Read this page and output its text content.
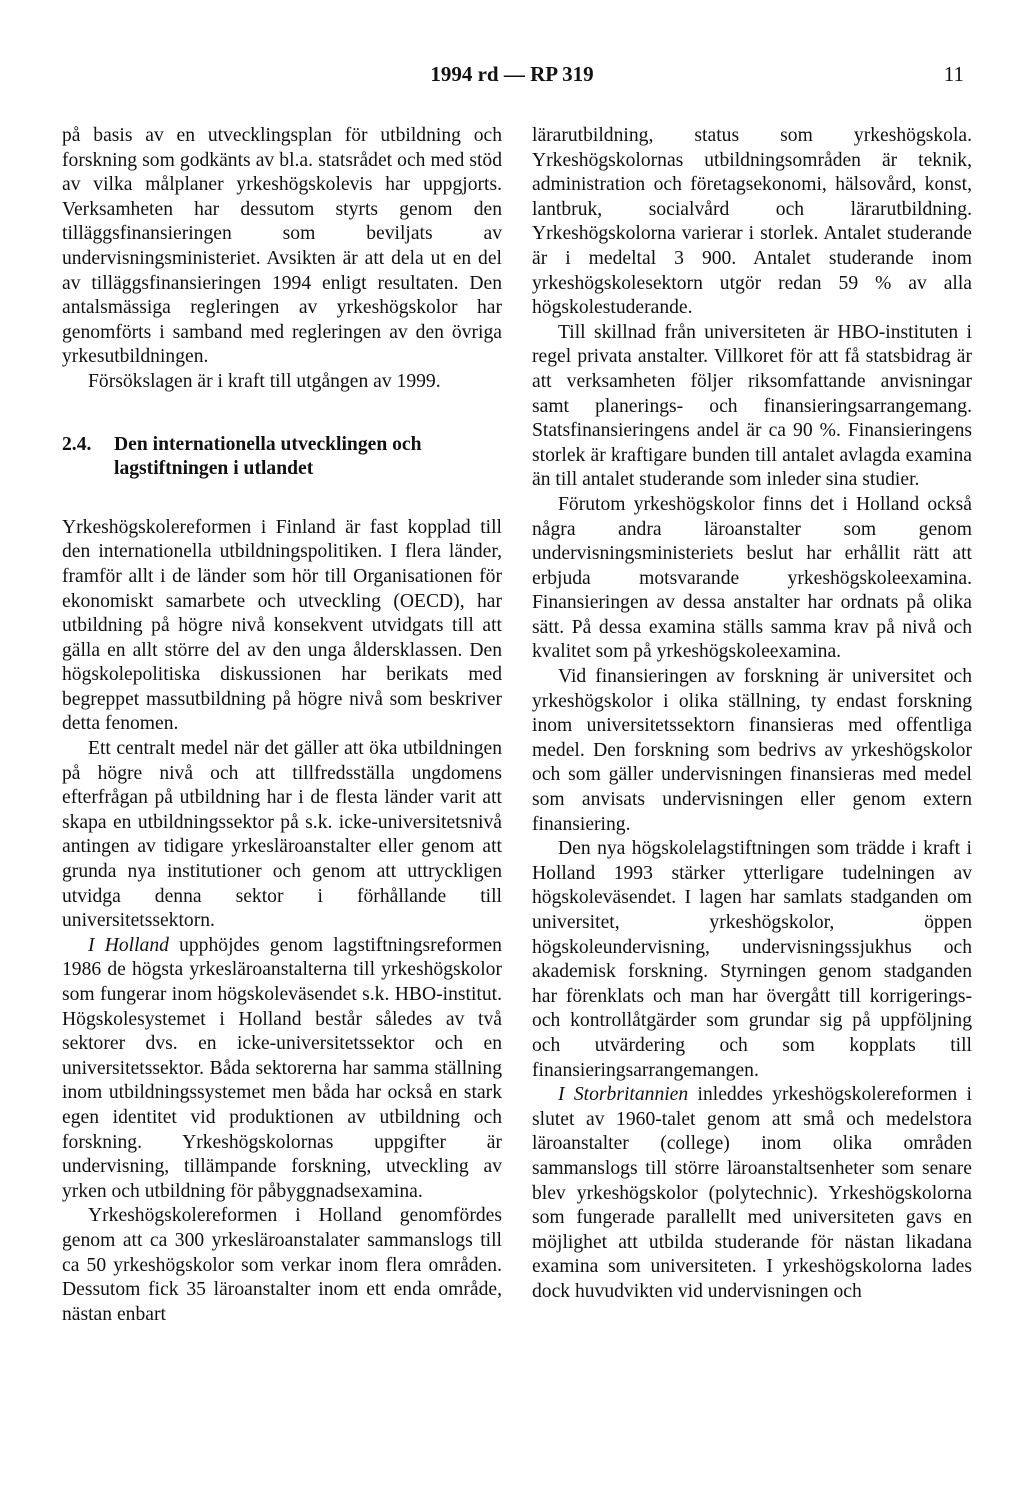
1994 rd — RP 319	11

på basis av en utvecklingsplan för utbildning och forskning som godkänts av bl.a. statsrådet och med stöd av vilka målplaner yrkeshögskolevis har uppgjorts. Verksamheten har dessutom styrts genom den tilläggsfinansieringen som beviljats av undervisningsministeriet. Avsikten är att dela ut en del av tilläggsfinansieringen 1994 enligt resultaten. Den antalsmässiga regleringen av yrkeshögskolor har genomförts i samband med regleringen av den övriga yrkesutbildningen.

Försökslagen är i kraft till utgången av 1999.

2.4.	Den internationella utvecklingen och lagstiftningen i utlandet

Yrkeshögskolereformen i Finland är fast kopplad till den internationella utbildningspolitiken. I flera länder, framför allt i de länder som hör till Organisationen för ekonomiskt samarbete och utveckling (OECD), har utbildning på högre nivå konsekvent utvidgats till att gälla en allt större del av den unga åldersklassen. Den högskolepolitiska diskussionen har berikats med begreppet massutbildning på högre nivå som beskriver detta fenomen.

Ett centralt medel när det gäller att öka utbildningen på högre nivå och att tillfredsställa ungdomens efterfrågan på utbildning har i de flesta länder varit att skapa en utbildningssektor på s.k. icke-universitetsnivå antingen av tidigare yrkesläroanstalter eller genom att grunda nya institutioner och genom att uttryckligen utvidga denna sektor i förhållande till universitetssektorn.

I Holland upphöjdes genom lagstiftningsreformen 1986 de högsta yrkesläroanstalterna till yrkeshögskolor som fungerar inom högskoleväsendet s.k. HBO-institut. Högskolesystemet i Holland består således av två sektorer dvs. en icke-universitetssektor och en universitetssektor. Båda sektorerna har samma ställning inom utbildningssystemet men båda har också en stark egen identitet vid produktionen av utbildning och forskning. Yrkeshögskolornas uppgifter är undervisning, tillämpande forskning, utveckling av yrken och utbildning för påbyggnadsexamina.

Yrkeshögskolereformen i Holland genomfördes genom att ca 300 yrkesläroanstalater sammanslogs till ca 50 yrkeshögskolor som verkar inom flera områden. Dessutom fick 35 läroanstalter inom ett enda område, nästan enbart

lärarutbildning, status som yrkeshögskola. Yrkeshögskolornas utbildningsområden är teknik, administration och företagsekonomi, hälsovård, konst, lantbruk, socialvård och lärarutbildning. Yrkeshögskolorna varierar i storlek. Antalet studerande är i medeltal 3 900. Antalet studerande inom yrkeshögskolesektorn utgör redan 59 % av alla högskolestuderande.

Till skillnad från universiteten är HBO-instituten i regel privata anstalter. Villkoret för att få statsbidrag är att verksamheten följer riksomfattande anvisningar samt planerings- och finansieringsarrangemang. Statsfinansieringens andel är ca 90 %. Finansieringens storlek är kraftigare bunden till antalet avlagda examina än till antalet studerande som inleder sina studier.

Förutom yrkeshögskolor finns det i Holland också några andra läroanstalter som genom undervisningsministeriets beslut har erhållit rätt att erbjuda motsvarande yrkeshögskoleexamina. Finansieringen av dessa anstalter har ordnats på olika sätt. På dessa examina ställs samma krav på nivå och kvalitet som på yrkeshögskoleexamina.

Vid finansieringen av forskning är universitet och yrkeshögskolor i olika ställning, ty endast forskning inom universitetssektorn finansieras med offentliga medel. Den forskning som bedrivs av yrkeshögskolor och som gäller undervisningen finansieras med medel som anvisats undervisningen eller genom extern finansiering.

Den nya högskolelagstiftningen som trädde i kraft i Holland 1993 stärker ytterligare tudelningen av högskoleväsendet. I lagen har samlats stadganden om universitet, yrkeshögskolor, öppen högskoleundervisning, undervisningssjukhus och akademisk forskning. Styrningen genom stadganden har förenklats och man har övergått till korrigerings- och kontrollåtgärder som grundar sig på uppföljning och utvärdering och som kopplats till finansieringsarrangemangen.

I Storbritannien inleddes yrkeshögskolereformen i slutet av 1960-talet genom att små och medelstora läroanstalter (college) inom olika områden sammanslogs till större läroanstaltsenheter som senare blev yrkeshögskolor (polytechnic). Yrkeshögskolorna som fungerade parallellt med universiteten gavs en möjlighet att utbilda studerande för nästan likadana examina som universiteten. I yrkeshögskolorna lades dock huvudvikten vid undervisningen och
